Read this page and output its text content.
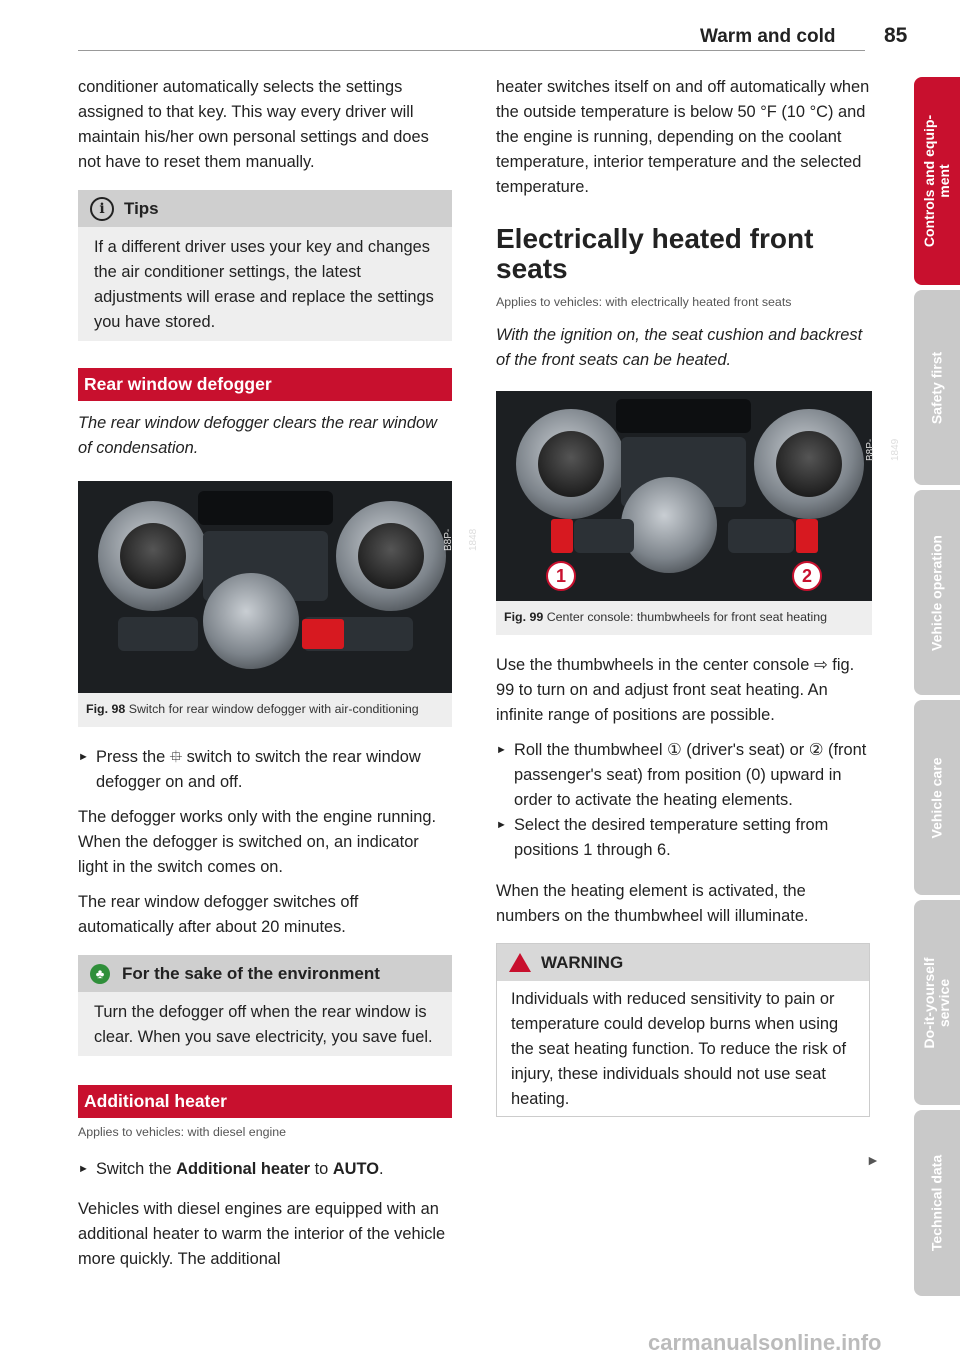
Warm and cold 85

conditioner automatically selects the settings assigned to that key. This way every driver will maintain his/her own personal settings and does not have to reset them manually.

i	Tips
If a different driver uses your key and changes the air conditioner settings, the latest adjustments will erase and replace the settings you have stored.
Rear window defogger

The rear window defogger clears the rear window of condensation.

B8P-1848
Fig. 98 Switch for rear window defogger with air-conditioning

► Press the ⯐ switch to switch the rear window defogger on and off.

The defogger works only with the engine running. When the defogger is switched on, an indicator light in the switch comes on.

The rear window defogger switches off automatically after about 20 minutes.

♣	For the sake of the environment
Turn the defogger off when the rear window is clear. When you save electricity, you save fuel.
Additional heater

Applies to vehicles: with diesel engine

► Switch the Additional heater to AUTO.

Vehicles with diesel engines are equipped with an additional heater to warm the interior of the vehicle more quickly. The additional

heater switches itself on and off automatically when the outside temperature is below 50 °F (10 °C) and the engine is running, depending on the coolant temperature, interior temperature and the selected temperature.

Electrically heated front seats

Applies to vehicles: with electrically heated front seats

With the ignition on, the seat cushion and backrest of the front seats can be heated.

1	2
B8P-1849
Fig. 99 Center console: thumbwheels for front seat heating

Use the thumbwheels in the center console ⇨ fig. 99 to turn on and adjust front seat heating. An infinite range of positions are possible.

► Roll the thumbwheel ① (driver's seat) or ② (front passenger's seat) from position (0) upward in order to activate the heating elements.

► Select the desired temperature setting from positions 1 through 6.

When the heating element is activated, the numbers on the thumbwheel will illuminate.

WARNING
Individuals with reduced sensitivity to pain or temperature could develop burns when using the seat heating function. To reduce the risk of injury, these individuals should not use seat heating.
►
Controls and equip-
ment
Safety first
Vehicle operation
Vehicle care
Do-it-yourself
service
Technical data
carmanualsonline.info
